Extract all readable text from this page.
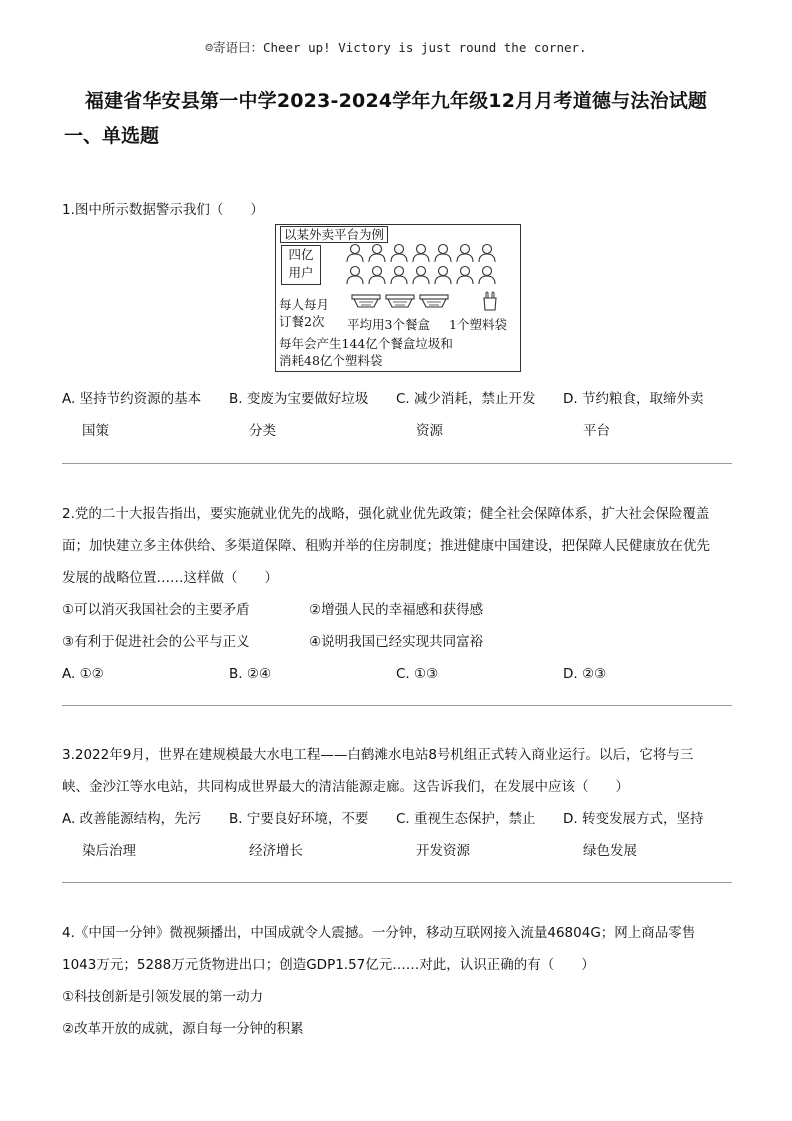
☺寄语曰：Cheer up! Victory is just round the corner.
福建省华安县第一中学2023-2024学年九年级12月月考道德与法治试题
一、单选题
1.图中所示数据警示我们（　　）
以某外卖平台为例
四亿
用户
每人每月
订餐2次 平均用3个餐盒 1个塑料袋
每年会产生144亿个餐盒垃圾和
消耗48亿个塑料袋
A. 坚持节约资源的基本
国策
B. 变废为宝要做好垃圾
分类
C. 减少消耗，禁止开发
资源
D. 节约粮食，取缔外卖
平台
2.党的二十大报告指出，要实施就业优先的战略，强化就业优先政策；健全社会保障体系，扩大社会保险覆盖
面；加快建立多主体供给、多渠道保障、租购并举的住房制度；推进健康中国建设，把保障人民健康放在优先
发展的战略位置……这样做（　　）
①可以消灭我国社会的主要矛盾	②增强人民的幸福感和获得感
③有利于促进社会的公平与正义	④说明我国已经实现共同富裕
A. ①②	B. ②④	C. ①③	D. ②③
3.2022年9月，世界在建规模最大水电工程——白鹤滩水电站8号机组正式转入商业运行。以后，它将与三
峡、金沙江等水电站，共同构成世界最大的清洁能源走廊。这告诉我们，在发展中应该（　　）
A. 改善能源结构，先污
染后治理
B. 宁要良好环境，不要
经济增长
C. 重视生态保护，禁止
开发资源
D. 转变发展方式，坚持
绿色发展
4.《中国一分钟》微视频播出，中国成就令人震撼。一分钟，移动互联网接入流量46804G；网上商品零售
1043万元；5288万元货物进出口；创造GDP1.57亿元……对此，认识正确的有（　　）
①科技创新是引领发展的第一动力
②改革开放的成就，源自每一分钟的积累
